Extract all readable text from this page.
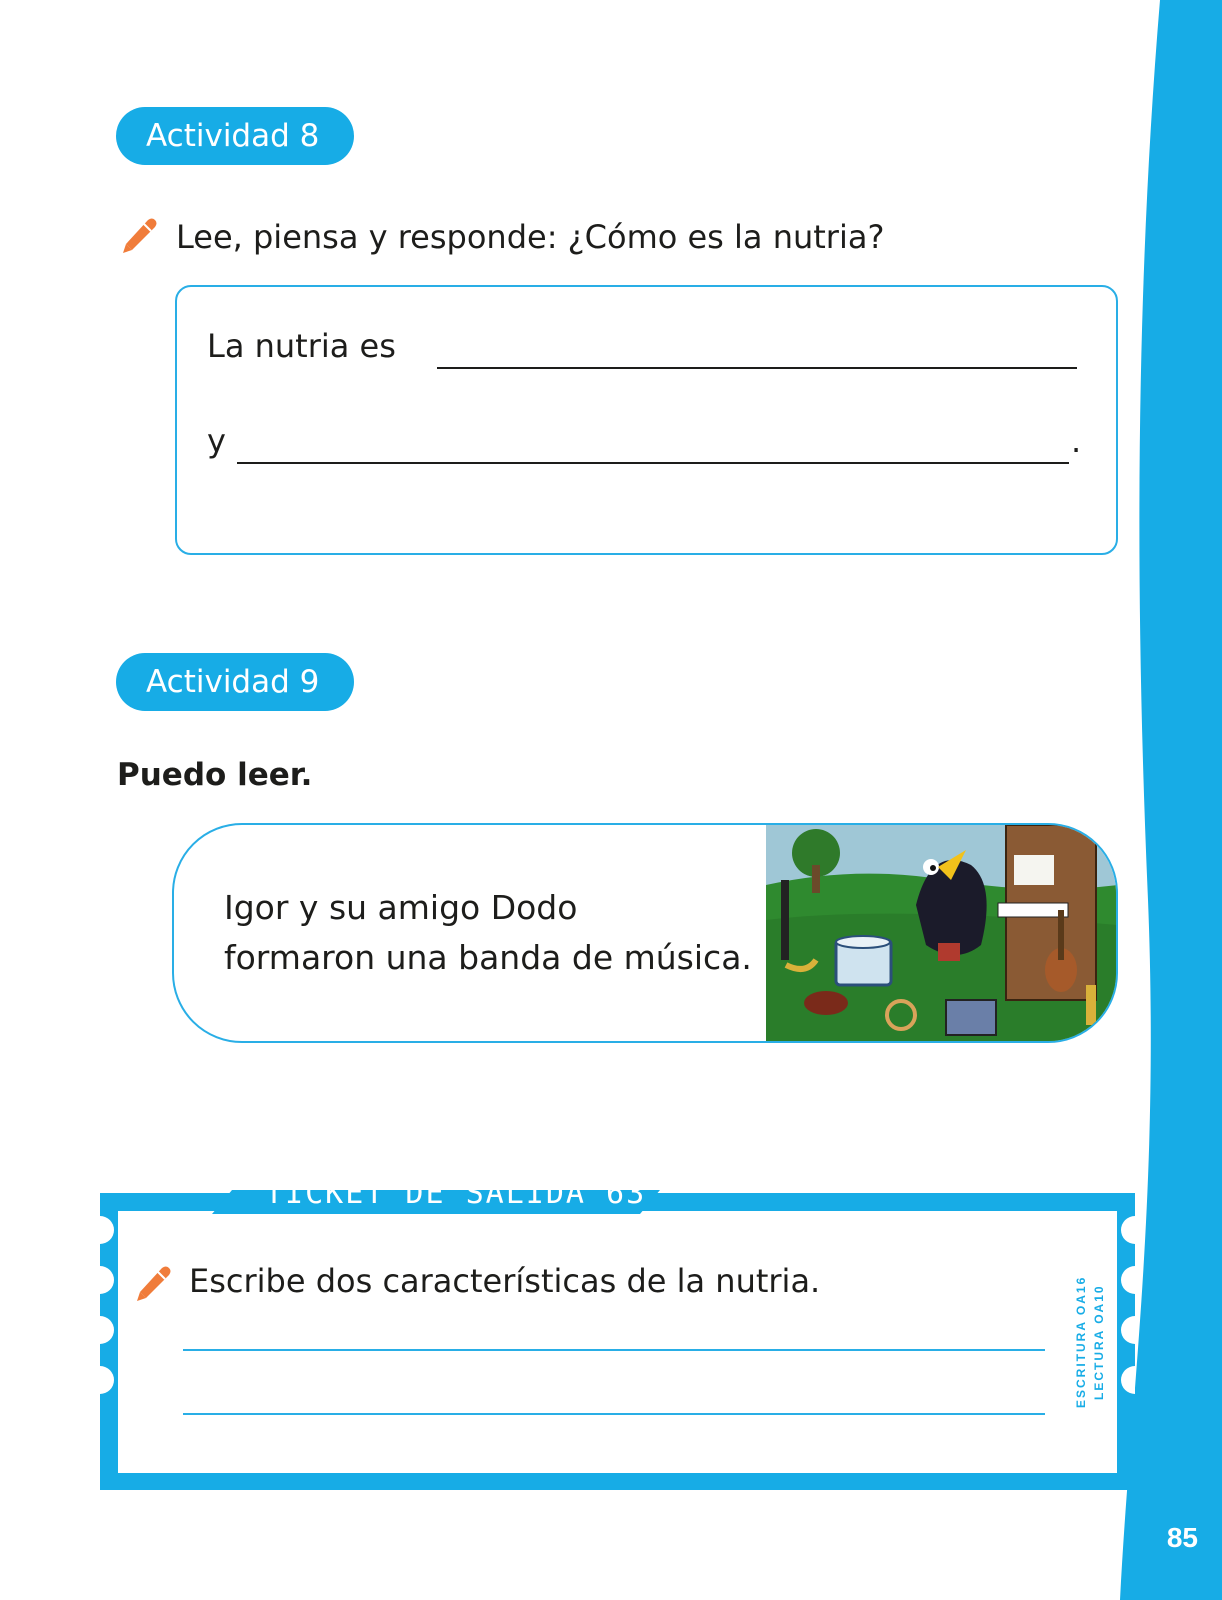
85
Actividad 8
Lee, piensa y responde: ¿Cómo es la nutria?
La nutria es
y	.
Actividad 9
Puedo leer.
Igor y su amigo Dodo
formaron una banda de música.
TICKET DE SALIDA 63
Escribe dos características de la nutria.	ESCRITURA OA16 LECTURA OA10
